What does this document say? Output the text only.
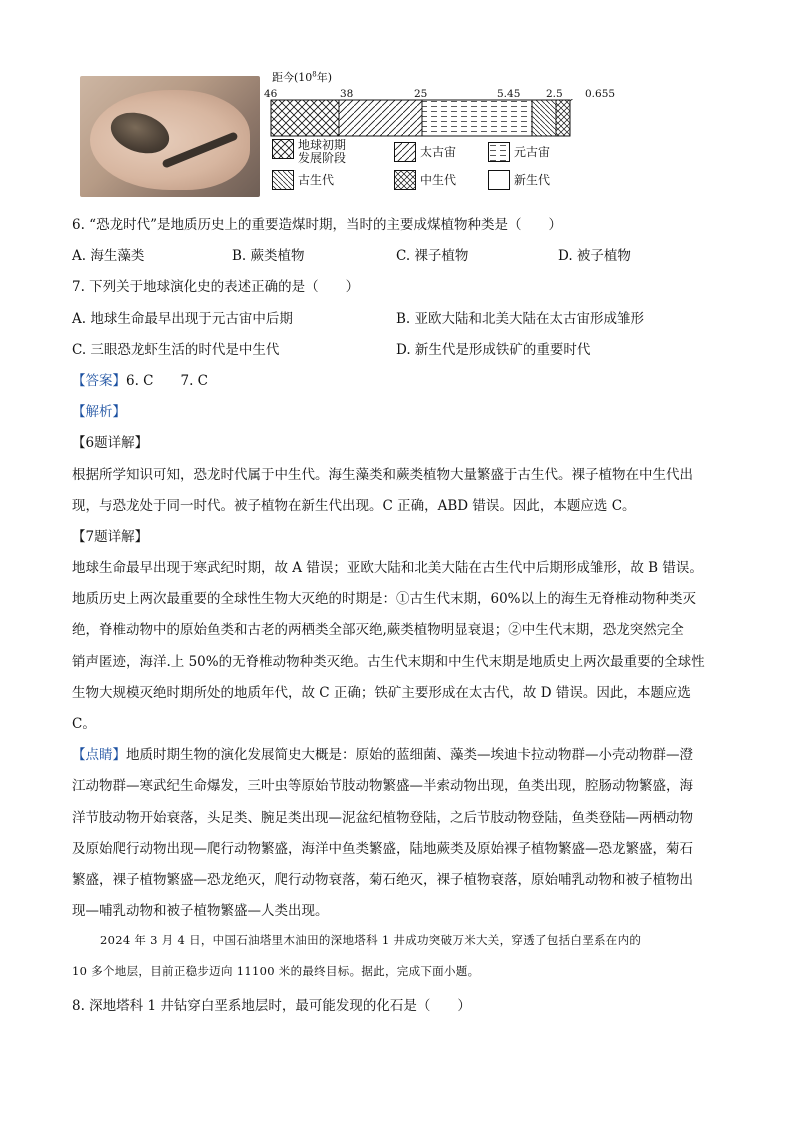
距今($10^8$年)
46	38	25	5.45 2.5 0.655
地球初期
发展阶段	太古宙	元古宙
古生代	中生代	新生代
6. “恐龙时代”是地质历史上的重要造煤时期，当时的主要成煤植物种类是（　　）
A. 海生藻类	B. 蕨类植物	C. 裸子植物	D. 被子植物
7. 下列关于地球演化史的表述正确的是（　　）
A. 地球生命最早出现于元古宙中后期	B. 亚欧大陆和北美大陆在太古宙形成雏形
C. 三眼恐龙虾生活的时代是中生代	D. 新生代是形成铁矿的重要时代
【答案】6. C　　7. C
【解析】
【6题详解】
根据所学知识可知，恐龙时代属于中生代。海生藻类和蕨类植物大量繁盛于古生代。裸子植物在中生代出
现，与恐龙处于同一时代。被子植物在新生代出现。C 正确，ABD 错误。因此，本题应选 C。
【7题详解】
地球生命最早出现于寒武纪时期，故 A 错误；亚欧大陆和北美大陆在古生代中后期形成雏形，故 B 错误。
地质历史上两次最重要的全球性生物大灭绝的时期是：①古生代末期，60%以上的海生无脊椎动物种类灭
绝，脊椎动物中的原始鱼类和古老的两栖类全部灭绝,蕨类植物明显衰退；②中生代末期，恐龙突然完全
销声匿迹，海洋.上 50%的无脊椎动物种类灭绝。古生代末期和中生代末期是地质史上两次最重要的全球性
生物大规模灭绝时期所处的地质年代，故 C 正确；铁矿主要形成在太古代，故 D 错误。因此，本题应选
C。
【点睛】地质时期生物的演化发展简史大概是：原始的蓝细菌、藻类—埃迪卡拉动物群—小壳动物群—澄
江动物群—寒武纪生命爆发，三叶虫等原始节肢动物繁盛—半索动物出现，鱼类出现，腔肠动物繁盛，海
洋节肢动物开始衰落，头足类、腕足类出现—泥盆纪植物登陆，之后节肢动物登陆，鱼类登陆—两栖动物
及原始爬行动物出现—爬行动物繁盛，海洋中鱼类繁盛，陆地蕨类及原始裸子植物繁盛—恐龙繁盛，菊石
繁盛，裸子植物繁盛—恐龙绝灭，爬行动物衰落，菊石绝灭，裸子植物衰落，原始哺乳动物和被子植物出
现—哺乳动物和被子植物繁盛—人类出现。
2024 年 3 月 4 日，中国石油塔里木油田的深地塔科 1 井成功突破万米大关，穿透了包括白垩系在内的
10 多个地层，目前正稳步迈向 11100 米的最终目标。据此，完成下面小题。
8. 深地塔科 1 井钻穿白垩系地层时，最可能发现的化石是（　　）
